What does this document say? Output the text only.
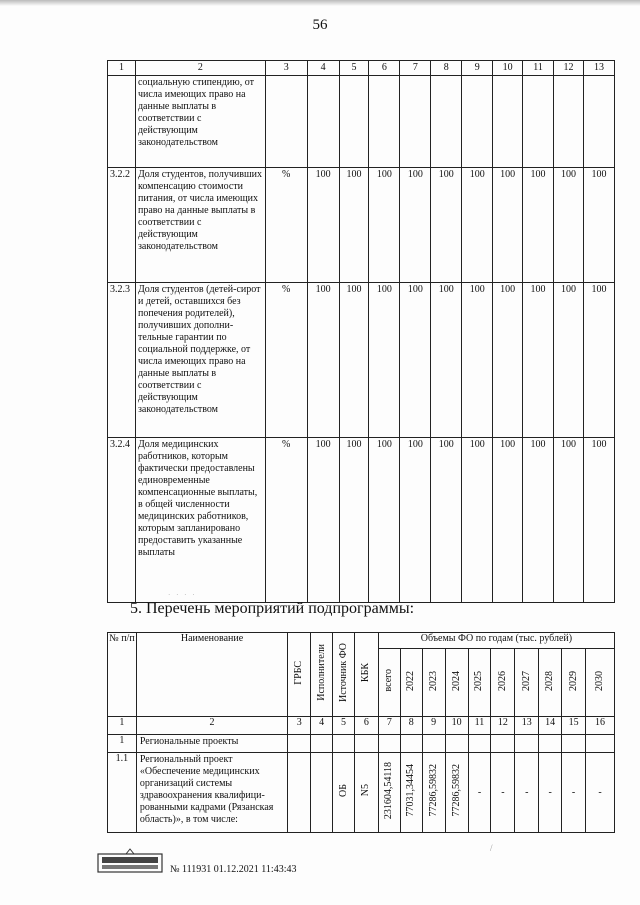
56
1	2	3	4	5	6	7	8	9	10	11	12	13
	социальную стипендию, от числа имеющих право на данные выплаты в соответствии с действующим законодательством											
3.2.2	Доля студентов, получивших компенсацию стоимости питания, от числа имеющих право на данные выплаты в соответствии с действующим законодательством	%	100	100	100	100	100	100	100	100	100	100
3.2.3	Доля студентов (детей-сирот и детей, оставшихся без попечения родителей), получивших дополни-тельные гарантии по социальной поддержке, от числа имеющих право на данные выплаты в соответствии с действующим законодательством	%	100	100	100	100	100	100	100	100	100	100
3.2.4	Доля медицинских работников, которым фактически предоставлены единовременные компенсационные выплаты, в общей численности медицинских работников, которым запланировано предоставить указанные выплаты	%	100	100	100	100	100	100	100	100	100	100
· · · ·
5. Перечень мероприятий подпрограммы:
№ п/п	Наименование	ГРБС	Исполнители	Источник ФО	КБК	Объемы ФО по годам (тыс. рублей)									
						всего	2022	2023	2024	2025	2026	2027	2028	2029	2030
1	2	3	4	5	6	7	8	9	10	11	12	13	14	15	16
1	Региональные проекты														
1.1	Региональный проект «Обеспечение медицинских организаций системы здравоохранения квалифици-рованными кадрами (Рязанская область)», в том числе:			ОБ	N5	231604,54118	77031,34454	77286,59832	77286,59832	-	-	-	-	-	-
№ 111931 01.12.2021 11:43:43
/
